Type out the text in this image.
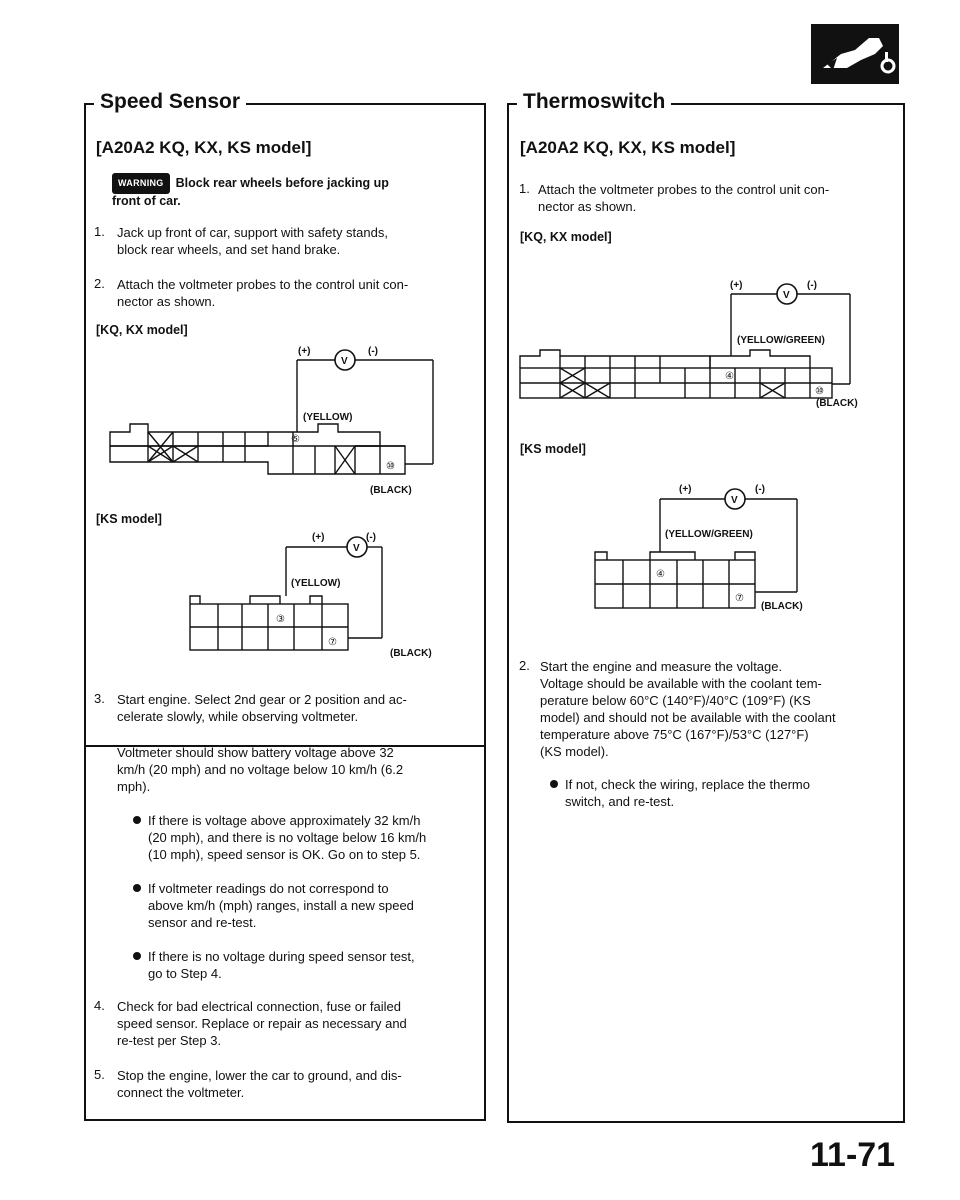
Speed Sensor
[A20A2 KQ, KX, KS model]
WARNING Block rear wheels before jacking up
front of car.
1. Jack up front of car, support with safety stands,
block rear wheels, and set hand brake.
2. Attach the voltmeter probes to the control unit con-
nector as shown.
[KQ, KX model]
(+)	(-)
V
(YELLOW)
⑤
⑩
(BLACK)
[KS model]
(+)	(-)
V
(YELLOW)
③
⑦
(BLACK)
3. Start engine. Select 2nd gear or 2 position and ac-
celerate slowly, while observing voltmeter.
Voltmeter should show battery voltage above 32
km/h (20 mph) and no voltage below 10 km/h (6.2
mph).
If there is voltage above approximately 32 km/h
(20 mph), and there is no voltage below 16 km/h
(10 mph), speed sensor is OK. Go on to step 5.
If voltmeter readings do not correspond to
above km/h (mph) ranges, install a new speed
sensor and re-test.
If there is no voltage during speed sensor test,
go to Step 4.
4. Check for bad electrical connection, fuse or failed
speed sensor. Replace or repair as necessary and
re-test per Step 3.
5. Stop the engine, lower the car to ground, and dis-
connect the voltmeter.
Thermoswitch
[A20A2 KQ, KX, KS model]
1. Attach the voltmeter probes to the control unit con-
nector as shown.
[KQ, KX model]
(+)	(-)
V
(YELLOW/GREEN)
④
⑩
(BLACK)
[KS model]
(+)	(-)
V
(YELLOW/GREEN)
④
⑦
(BLACK)
2. Start the engine and measure the voltage.
Voltage should be available with the coolant tem-
perature below 60°C (140°F)/40°C (109°F) (KS
model) and should not be available with the coolant
temperature above 75°C (167°F)/53°C (127°F)
(KS model).
If not, check the wiring, replace the thermo
switch, and re-test.
11-71
